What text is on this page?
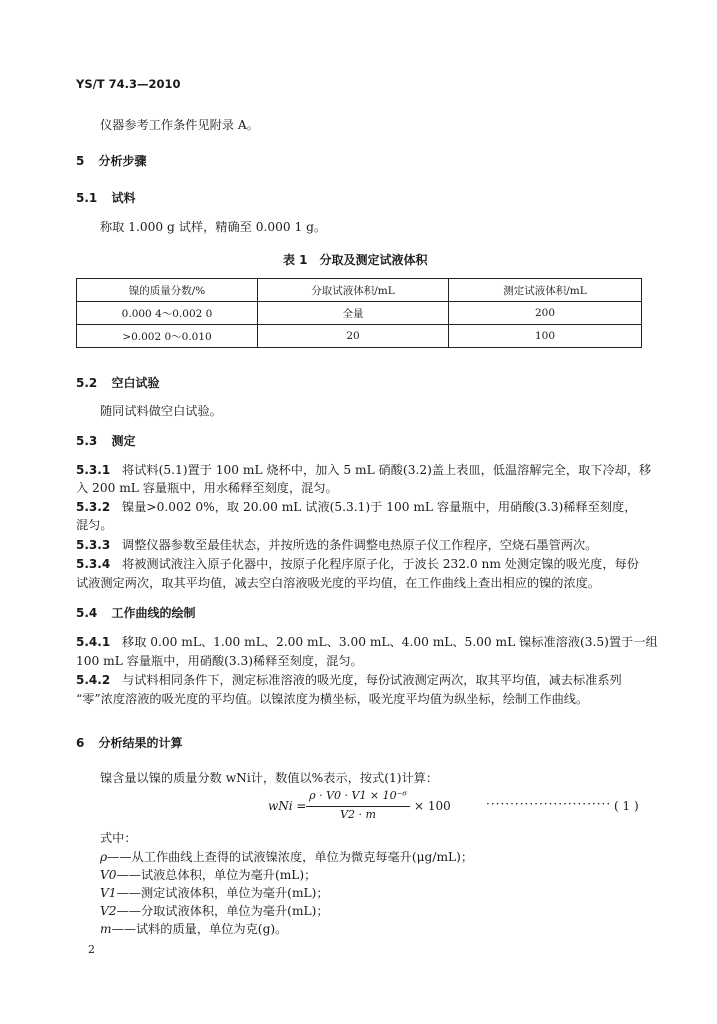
YS/T 74.3—2010
仪器参考工作条件见附录 A。
5 分析步骤
5.1 试料
称取 1.000 g 试样，精确至 0.000 1 g。
表 1　分取及测定试液体积
镍的质量分数/%	分取试液体积/mL	测定试液体积/mL
0.000 4～0.002 0	全量	200
>0.002 0～0.010	20	100
5.2 空白试验
随同试料做空白试验。
5.3 测定
5.3.1 将试料(5.1)置于 100 mL 烧杯中，加入 5 mL 硝酸(3.2)盖上表皿，低温溶解完全，取下冷却，移
入 200 mL 容量瓶中，用水稀释至刻度，混匀。
5.3.2 镍量>0.002 0%，取 20.00 mL 试液(5.3.1)于 100 mL 容量瓶中，用硝酸(3.3)稀释至刻度，
混匀。
5.3.3 调整仪器参数至最佳状态，并按所选的条件调整电热原子仪工作程序，空烧石墨管两次。
5.3.4 将被测试液注入原子化器中，按原子化程序原子化，于波长 232.0 nm 处测定镍的吸光度，每份
试液测定两次，取其平均值，减去空白溶液吸光度的平均值，在工作曲线上查出相应的镍的浓度。
5.4 工作曲线的绘制
5.4.1 移取 0.00 mL、1.00 mL、2.00 mL、3.00 mL、4.00 mL、5.00 mL 镍标准溶液(3.5)置于一组
100 mL 容量瓶中，用硝酸(3.3)稀释至刻度，混匀。
5.4.2 与试料相同条件下，测定标准溶液的吸光度，每份试液测定两次，取其平均值，减去标准系列
“零”浓度溶液的吸光度的平均值。以镍浓度为横坐标，吸光度平均值为纵坐标，绘制工作曲线。
6 分析结果的计算
镍含量以镍的质量分数 wNi计，数值以%表示，按式(1)计算：
wNi =
ρ · V0 · V1 × 10⁻⁶
V2 · m
× 100	·························· ( 1 )
式中：
ρ——从工作曲线上查得的试液镍浓度，单位为微克每毫升(μg/mL)；
V0——试液总体积，单位为毫升(mL)；
V1——测定试液体积，单位为毫升(mL)；
V2——分取试液体积，单位为毫升(mL)；
m——试料的质量，单位为克(g)。
2
